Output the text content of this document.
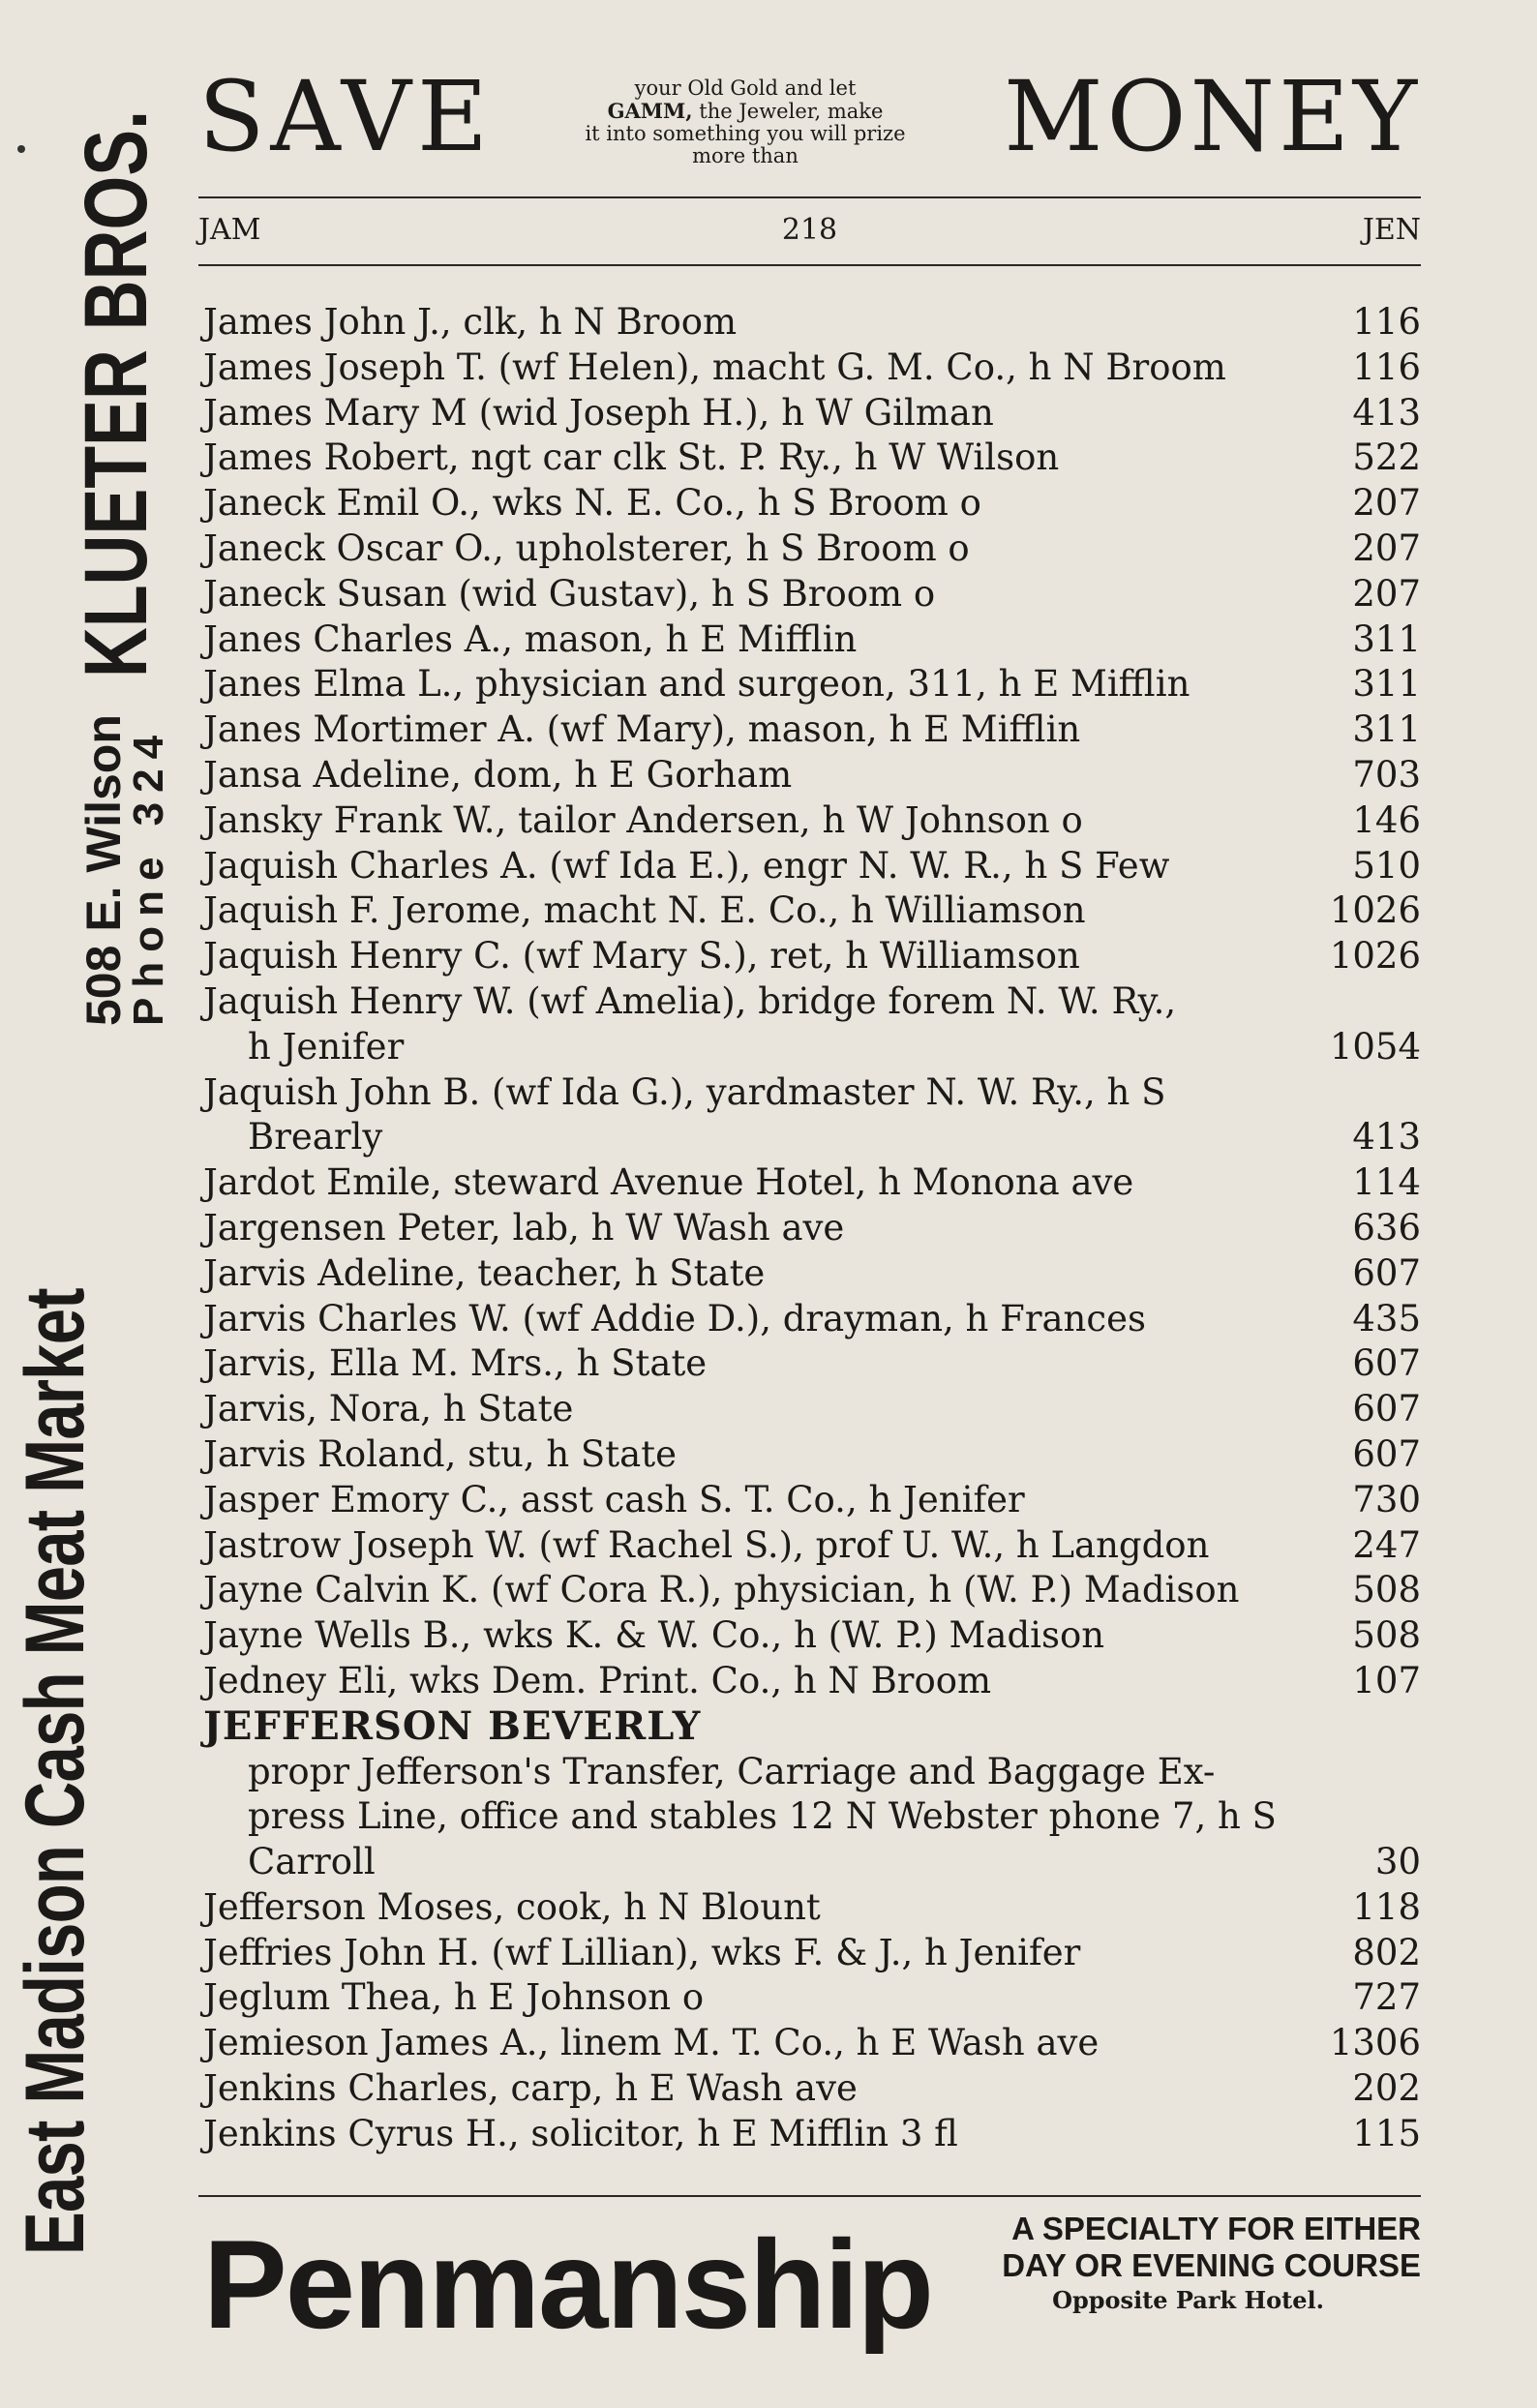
East Madison Cash Meat Market
508 E. Wilson
Phone 324
KLUETER BROS. SAVE	your Old Gold and let
GAMM, the Jeweler, make
it into something you will prize
more than	MONEY
JAM	218	JEN
James John J., clk, h N Broom	116
James Joseph T. (wf Helen), macht G. M. Co., h N Broom	116
James Mary M (wid Joseph H.), h W Gilman	413
James Robert, ngt car clk St. P. Ry., h W Wilson	522
Janeck Emil O., wks N. E. Co., h S Broom o	207
Janeck Oscar O., upholsterer, h S Broom o	207
Janeck Susan (wid Gustav), h S Broom o	207
Janes Charles A., mason, h E Mifflin	311
Janes Elma L., physician and surgeon, 311, h E Mifflin	311
Janes Mortimer A. (wf Mary), mason, h E Mifflin	311
Jansa Adeline, dom, h E Gorham	703
Jansky Frank W., tailor Andersen, h W Johnson o	146
Jaquish Charles A. (wf Ida E.), engr N. W. R., h S Few	510
Jaquish F. Jerome, macht N. E. Co., h Williamson	1026
Jaquish Henry C. (wf Mary S.), ret, h Williamson	1026
Jaquish Henry W. (wf Amelia), bridge forem N. W. Ry.,
h Jenifer	1054
Jaquish John B. (wf Ida G.), yardmaster N. W. Ry., h S
Brearly	413
Jardot Emile, steward Avenue Hotel, h Monona ave	114
Jargensen Peter, lab, h W Wash ave	636
Jarvis Adeline, teacher, h State	607
Jarvis Charles W. (wf Addie D.), drayman, h Frances	435
Jarvis, Ella M. Mrs., h State	607
Jarvis, Nora, h State	607
Jarvis Roland, stu, h State	607
Jasper Emory C., asst cash S. T. Co., h Jenifer	730
Jastrow Joseph W. (wf Rachel S.), prof U. W., h Langdon	247
Jayne Calvin K. (wf Cora R.), physician, h (W. P.) Madison	508
Jayne Wells B., wks K. & W. Co., h (W. P.) Madison	508
Jedney Eli, wks Dem. Print. Co., h N Broom	107
JEFFERSON BEVERLY
propr Jefferson's Transfer, Carriage and Baggage Ex-
press Line, office and stables 12 N Webster phone 7, h S
Carroll	30
Jefferson Moses, cook, h N Blount	118
Jeffries John H. (wf Lillian), wks F. & J., h Jenifer	802
Jeglum Thea, h E Johnson o	727
Jemieson James A., linem M. T. Co., h E Wash ave	1306
Jenkins Charles, carp, h E Wash ave	202
Jenkins Cyrus H., solicitor, h E Mifflin 3 fl	115
Penmanship A SPECIALTY FOR EITHER
DAY OR EVENING COURSE
Opposite Park Hotel.
